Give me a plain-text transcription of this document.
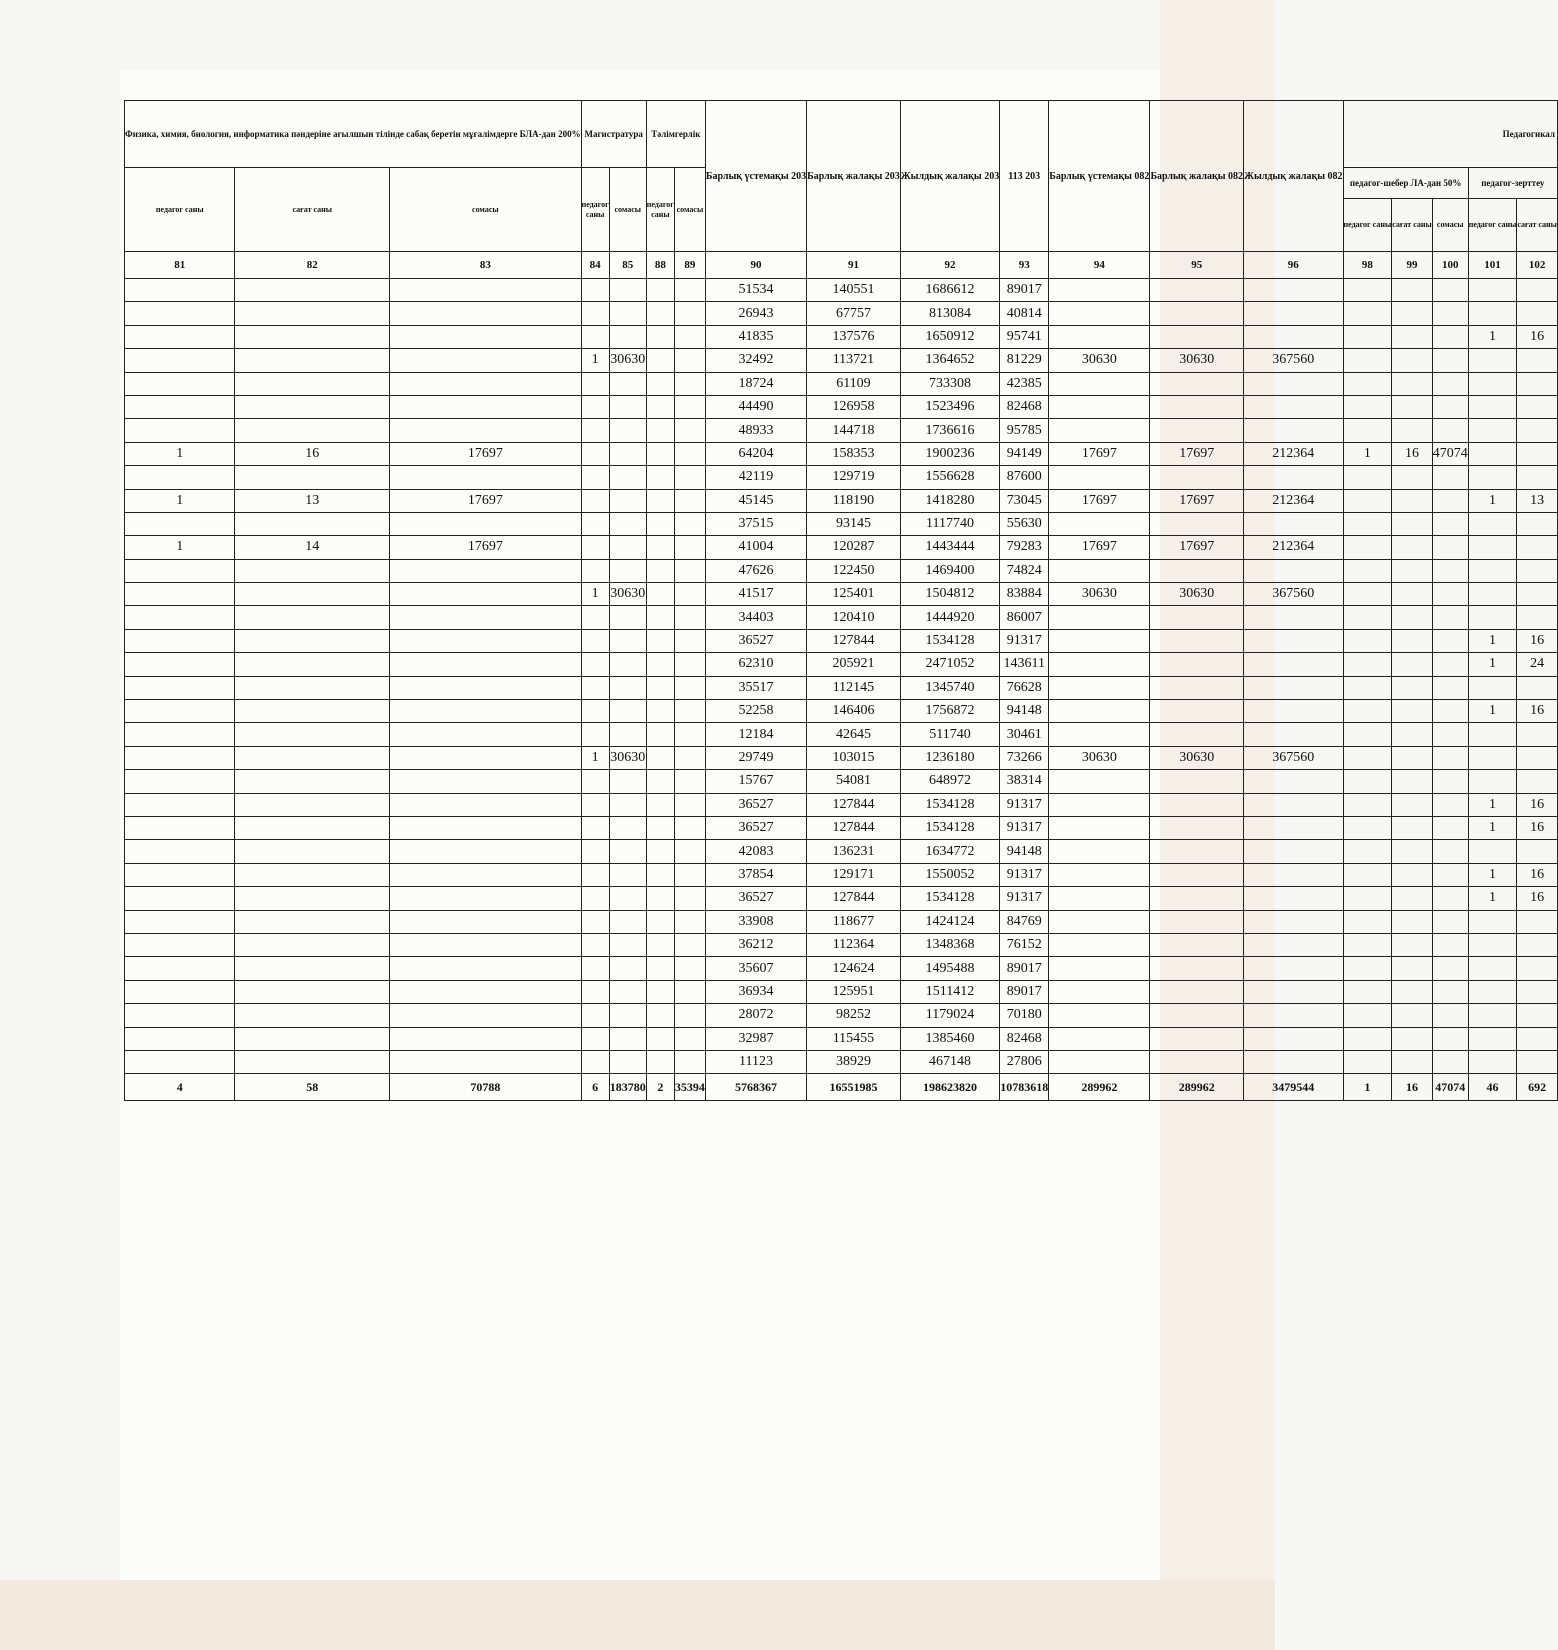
Физика, химия, биология, информатика пәндеріне ағылшын тілінде сабақ беретін мұғалімдерге БЛА-дан 200%			Магистратура		Тәлімгерлік		Барлық үстемақы 203	Барлық жалақы 203	Жылдық жалақы 203	113 203	Барлық үстемақы 082	Барлық жалақы 082	Жылдық жалақы 082	Педагогикал				
педагог саны	сағат саны	сомасы	педагог саны	сомасы	педагог саны	сомасы								педагог-шебер ЛА-дан 50%			педагог-зерттеу	
														педагог саны	сағат саны	сомасы	педагог саны	сағат саны
81	82	83	84	85	88	89	90	91	92	93	94	95	96	98	99	100	101	102
							51534	140551	1686612	89017								
							26943	67757	813084	40814								
							41835	137576	1650912	95741							1	16
			1	30630			32492	113721	1364652	81229	30630	30630	367560					
							18724	61109	733308	42385								
							44490	126958	1523496	82468								
							48933	144718	1736616	95785								
1	16	17697					64204	158353	1900236	94149	17697	17697	212364	1	16	47074		
							42119	129719	1556628	87600								
1	13	17697					45145	118190	1418280	73045	17697	17697	212364				1	13
							37515	93145	1117740	55630								
1	14	17697					41004	120287	1443444	79283	17697	17697	212364					
							47626	122450	1469400	74824								
			1	30630			41517	125401	1504812	83884	30630	30630	367560					
							34403	120410	1444920	86007								
							36527	127844	1534128	91317							1	16
							62310	205921	2471052	143611							1	24
							35517	112145	1345740	76628								
							52258	146406	1756872	94148							1	16
							12184	42645	511740	30461								
			1	30630			29749	103015	1236180	73266	30630	30630	367560					
							15767	54081	648972	38314								
							36527	127844	1534128	91317							1	16
							36527	127844	1534128	91317							1	16
							42083	136231	1634772	94148								
							37854	129171	1550052	91317							1	16
							36527	127844	1534128	91317							1	16
							33908	118677	1424124	84769								
							36212	112364	1348368	76152								
							35607	124624	1495488	89017								
							36934	125951	1511412	89017								
							28072	98252	1179024	70180								
							32987	115455	1385460	82468								
							11123	38929	467148	27806								
4	58	70788	6	183780	2	35394	5768367	16551985	198623820	10783618	289962	289962	3479544	1	16	47074	46	692
